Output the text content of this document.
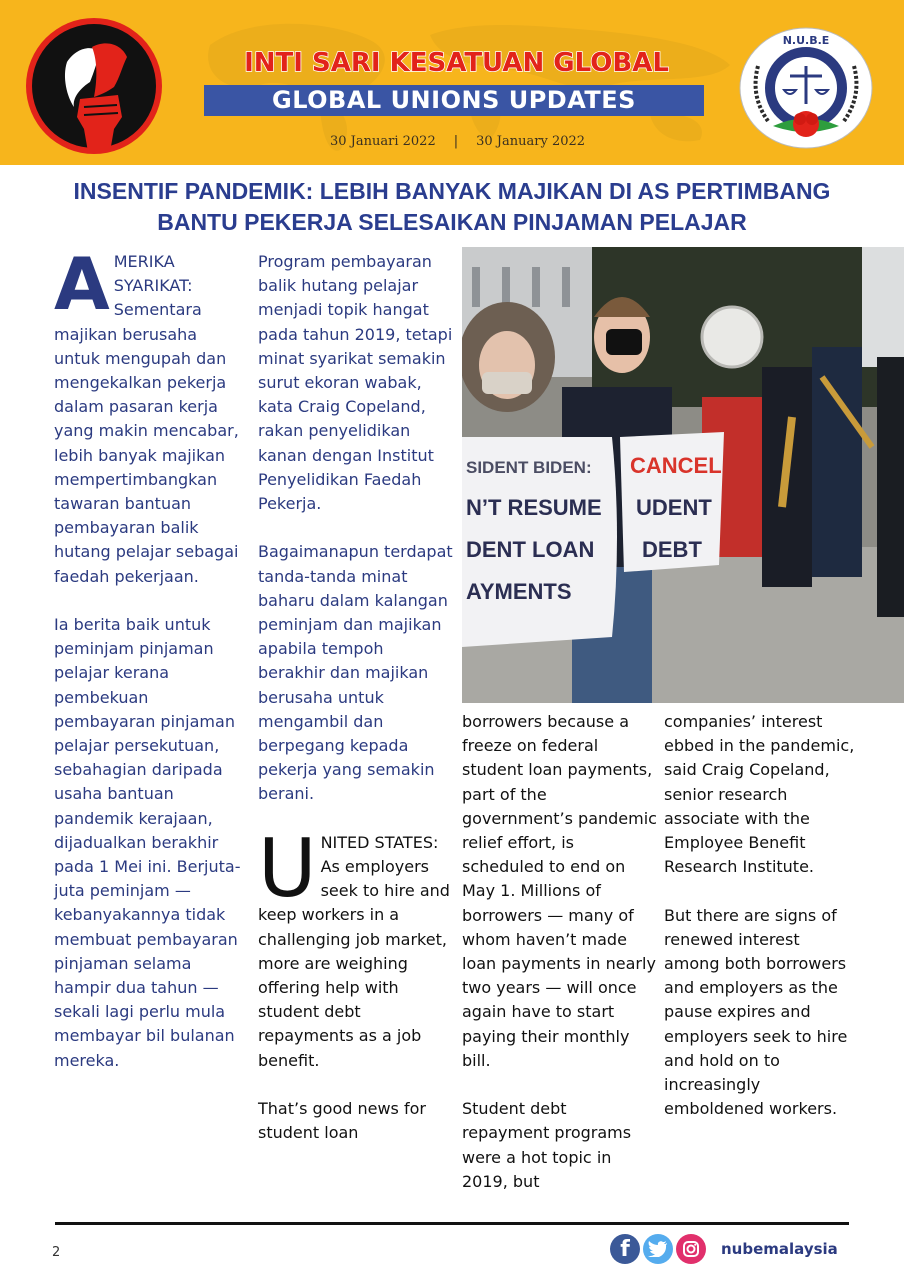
INTI SARI KESATUAN GLOBAL
GLOBAL UNIONS UPDATES
30 Januari 2022 | 30 January 2022
N.U.B.E
INSENTIF PANDEMIK: LEBIH BANYAK MAJIKAN DI AS PERTIMBANG
BANTU PEKERJA SELESAIKAN PINJAMAN PELAJAR

AMERIKA SYARIKAT: Sementara majikan berusaha untuk mengupah dan mengekalkan pekerja dalam pasaran kerja yang makin mencabar, lebih banyak majikan mempertimbangkan tawaran bantuan pembayaran balik hutang pelajar sebagai faedah pekerjaan.

Ia berita baik untuk peminjam pinjaman pelajar kerana pembekuan pembayaran pinjaman pelajar persekutuan, sebahagian daripada usaha bantuan pandemik kerajaan, dijadualkan berakhir pada 1 Mei ini. Berjuta-juta peminjam — kebanyakannya tidak membuat pembayaran pinjaman selama hampir dua tahun — sekali lagi perlu mula membayar bil bulanan mereka.

Program pembayaran balik hutang pelajar menjadi topik hangat pada tahun 2019, tetapi minat syarikat semakin surut ekoran wabak, kata Craig Copeland, rakan penyelidikan kanan dengan Institut Penyelidikan Faedah Pekerja.

Bagaimanapun terdapat tanda-tanda minat baharu dalam kalangan peminjam dan majikan apabila tempoh berakhir dan majikan berusaha untuk mengambil dan berpegang kepada pekerja yang semakin berani.

UNITED STATES: As employers seek to hire and keep workers in a challenging job market, more are weighing offering help with student debt repayments as a job benefit.

That’s good news for student loan

SIDENT BIDEN:
N’T RESUME
DENT LOAN
AYMENTS
CANCEL
UDENT
DEBT

borrowers because a freeze on federal student loan payments, part of the government’s pandemic relief effort, is scheduled to end on May 1. Millions of borrowers — many of whom haven’t made loan payments in nearly two years — will once again have to start paying their monthly bill.

Student debt repayment programs were a hot topic in 2019, but

companies’ interest ebbed in the pandemic, said Craig Copeland, senior research associate with the Employee Benefit Research Institute.

But there are signs of renewed interest among both borrowers and employers as the pause expires and employers seek to hire and hold on to increasingly emboldened workers.

2	f	nubemalaysia
